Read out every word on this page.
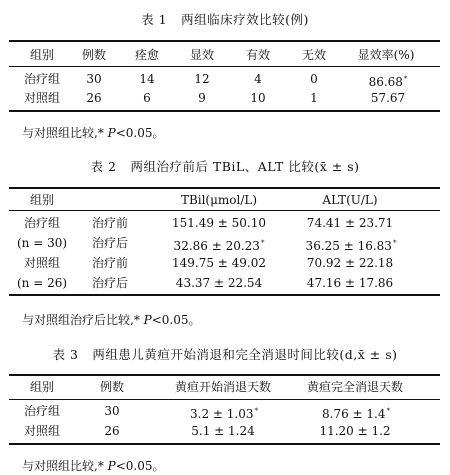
表 1 两组临床疗效比较(例)
组别 例数 痊愈	显效	有效	无效	显效率(%)
治疗组 30	14	12	4	0	86.68*
对照组 26	6	9	10	1	57.67
与对照组比较,* P<0.05。
表 2 两组治疗前后 TBiL、ALT 比较(x̄ ± s)
组别	TBil(μmol/L)	ALT(U/L)
治疗组	治疗前	151.49 ± 50.10	74.41 ± 23.71
(n = 30) 治疗后	32.86 ± 20.23*	36.25 ± 16.83*
对照组	治疗前	149.75 ± 49.02	70.92 ± 22.18
(n = 26) 治疗后	43.37 ± 22.54	47.16 ± 17.86
与对照组治疗后比较,* P<0.05。
表 3 两组患儿黄疸开始消退和完全消退时间比较(d,x̄ ± s)
组别	例数	黄疸开始消退天数	黄疸完全消退天数
治疗组	30	3.2 ± 1.03*	8.76 ± 1.4*
对照组	26	5.1 ± 1.24	11.20 ± 1.2
与对照组比较,* P<0.05。
